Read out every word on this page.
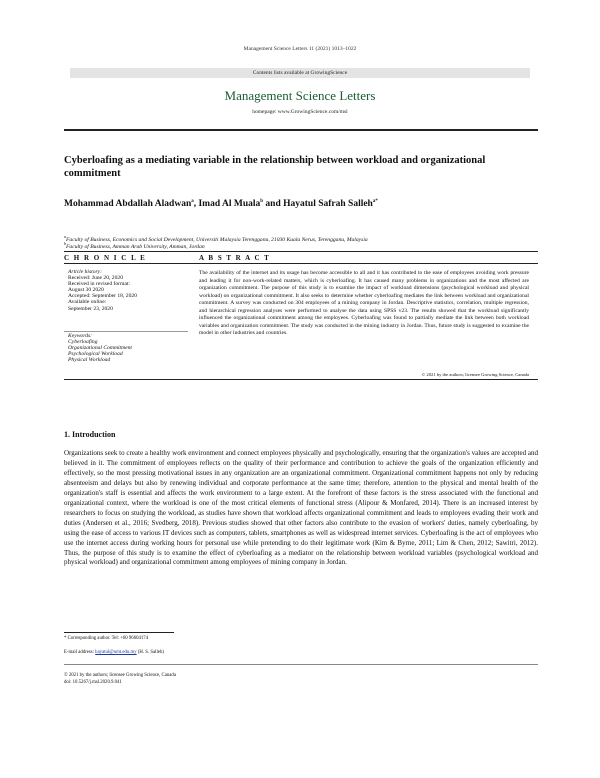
Management Science Letters 11 (2021) 1013–1022
Contents lists available at GrowingScience
Management Science Letters
homepage: www.GrowingScience.com/msl
Cyberloafing as a mediating variable in the relationship between workload and organizational commitment
Mohammad Abdallah Aladwan$^a$, Imad Al Muala$^b$ and Hayatul Safrah Salleh$^{a*}$
$^a$Faculty of Business, Economics and Social Development, Universiti Malaysia Terengganu, 21030 Kuala Nerus, Terengganu, Malaysia
$^b$Faculty of Business, Amman Arab University, Amman, Jordan
C H R O N I C L E	A B S T R A C T
Article history:
Received: June 20, 2020
Received in revised format:
August 30 2020
Accepted: September 18, 2020
Available online:
September 23, 2020
Keywords:
Cyberloafing
Organizational Commitment
Psychological Workload
Physical Workload
The availability of the internet and its usage has become accessible to all and it has contributed to the ease of employees avoiding work pressure and leading it for non-work-related matters, which is cyberloafing. It has caused many problems in organizations and the most affected are organization commitment. The purpose of this study is to examine the impact of workload dimensions (psychological workload and physical workload) on organizational commitment. It also seeks to determine whether cyberloafing mediates the link between workload and organizational commitment. A survey was conducted on 304 employees of a mining company in Jordan. Descriptive statistics, correlation, multiple regression, and hierarchical regression analyses were performed to analyse the data using SPSS v23. The results showed that the workload significantly influenced the organizational commitment among the employees. Cyberloafing was found to partially mediate the link between both workload variables and organization commitment. The study was conducted in the mining industry in Jordan. Thus, future study is suggested to examine the model in other industries and countries.
© 2021 by the authors; licensee Growing Science, Canada
1. Introduction

Organizations seek to create a healthy work environment and connect employees physically and psychologically, ensuring that the organization's values are accepted and believed in it. The commitment of employees reflects on the quality of their performance and contribution to achieve the goals of the organization efficiently and effectively, so the most pressing motivational issues in any organization are an organizational commitment. Organizational commitment happens not only by reducing absenteeism and delays but also by renewing individual and corporate performance at the same time; therefore, attention to the physical and mental health of the organization's staff is essential and affects the work environment to a large extent. At the forefront of these factors is the stress associated with the functional and organizational context, where the workload is one of the most critical elements of functional stress (Alipour & Monfared, 2014). There is an increased interest by researchers to focus on studying the workload, as studies have shown that workload affects organizational commitment and leads to employees evading their work and duties (Andersen et al., 2016; Svedberg, 2018). Previous studies showed that other factors also contribute to the evasion of workers' duties, namely cyberloafing, by using the ease of access to various IT devices such as computers, tablets, smartphones as well as widespread internet services. Cyberloafing is the act of employees who use the internet access during working hours for personal use while pretending to do their legitimate work (Kim & Byrne, 2011; Lim & Chen, 2012; Sawitri, 2012). Thus, the purpose of this study is to examine the effect of cyberloafing as a mediator on the relationship between workload variables (psychological workload and physical workload) and organizational commitment among employees of mining company in Jordan.

* Corresponding author. Tel: +60 96604174
E-mail address: hayatul@umt.edu.my (H. S. Salleh)
© 2021 by the authors; licensee Growing Science, Canada
doi: 10.5267/j.msl.2020.9.041
